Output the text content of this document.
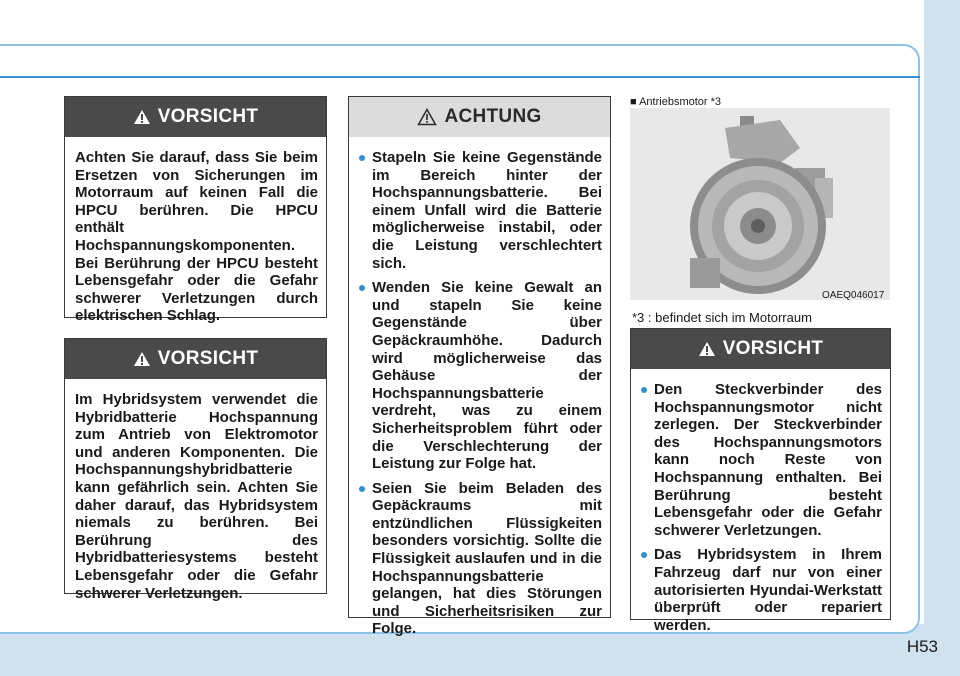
VORSICHT
Achten Sie darauf, dass Sie beim Ersetzen von Sicherungen im Motorraum auf keinen Fall die HPCU berühren. Die HPCU enthält Hochspannungskomponenten. Bei Berührung der HPCU besteht Lebensgefahr oder die Gefahr schwerer Verletzungen durch elektrischen Schlag.
VORSICHT
Im Hybridsystem verwendet die Hybridbatterie Hochspannung zum Antrieb von Elektromotor und anderen Komponenten. Die Hochspannungshybridbatterie kann gefährlich sein. Achten Sie daher darauf, das Hybridsystem niemals zu berühren. Bei Berührung des Hybridbatteriesystems besteht Lebensgefahr oder die Gefahr schwerer Verletzungen.
ACHTUNG
Stapeln Sie keine Gegenstände im Bereich hinter der Hochspannungsbatterie. Bei einem Unfall wird die Batterie möglicherweise instabil, oder die Leistung verschlechtert sich.
Wenden Sie keine Gewalt an und stapeln Sie keine Gegenstände über Gepäckraumhöhe. Dadurch wird möglicherweise das Gehäuse der Hochspannungsbatterie verdreht, was zu einem Sicherheitsproblem führt oder die Verschlechterung der Leistung zur Folge hat.
Seien Sie beim Beladen des Gepäckraums mit entzündlichen Flüssigkeiten besonders vorsichtig. Sollte die Flüssigkeit auslaufen und in die Hochspannungsbatterie gelangen, hat dies Störungen und Sicherheitsrisiken zur Folge.
■ Antriebsmotor *3
OAEQ046017
*3 : befindet sich im Motorraum
VORSICHT
Den Steckverbinder des Hochspannungsmotor nicht zerlegen. Der Steckverbinder des Hochspannungsmotors kann noch Reste von Hochspannung enthalten. Bei Berührung besteht Lebensgefahr oder die Gefahr schwerer Verletzungen.
Das Hybridsystem in Ihrem Fahrzeug darf nur von einer autorisierten Hyundai-Werkstatt überprüft oder repariert werden.
H53
